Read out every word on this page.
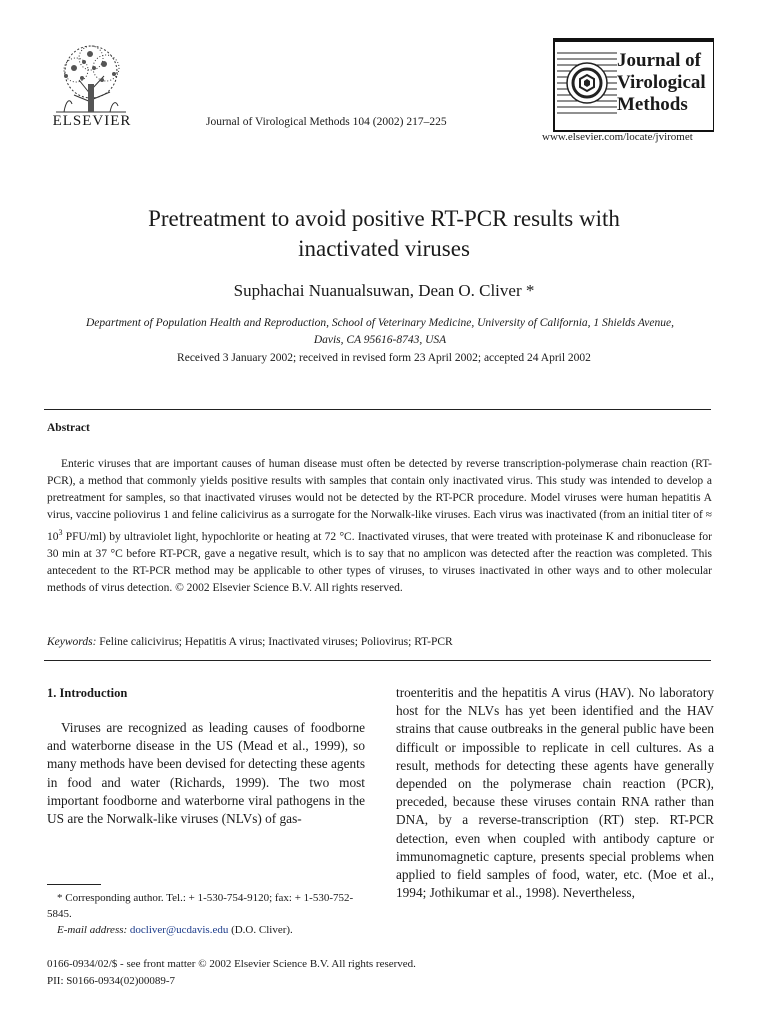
ELSEVIER	Journal of Virological Methods 104 (2002) 217–225
Journal of
Virological
Methods
www.elsevier.com/locate/jviromet
Pretreatment to avoid positive RT-PCR results with
inactivated viruses
Suphachai Nuanualsuwan, Dean O. Cliver *
Department of Population Health and Reproduction, School of Veterinary Medicine, University of California, 1 Shields Avenue,
Davis, CA 95616-8743, USA
Received 3 January 2002; received in revised form 23 April 2002; accepted 24 April 2002
Abstract

Enteric viruses that are important causes of human disease must often be detected by reverse transcription-polymerase chain reaction (RT-PCR), a method that commonly yields positive results with samples that contain only inactivated virus. This study was intended to develop a pretreatment for samples, so that inactivated viruses would not be detected by the RT-PCR procedure. Model viruses were human hepatitis A virus, vaccine poliovirus 1 and feline calicivirus as a surrogate for the Norwalk-like viruses. Each virus was inactivated (from an initial titer of ≈ $10^3$ PFU/ml) by ultraviolet light, hypochlorite or heating at 72 °C. Inactivated viruses, that were treated with proteinase K and ribonuclease for 30 min at 37 °C before RT-PCR, gave a negative result, which is to say that no amplicon was detected after the reaction was completed. This antecedent to the RT-PCR method may be applicable to other types of viruses, to viruses inactivated in other ways and to other molecular methods of virus detection. © 2002 Elsevier Science B.V. All rights reserved.

Keywords: Feline calicivirus; Hepatitis A virus; Inactivated viruses; Poliovirus; RT-PCR
1. Introduction

Viruses are recognized as leading causes of foodborne and waterborne disease in the US (Mead et al., 1999), so many methods have been devised for detecting these agents in food and water (Richards, 1999). The two most important foodborne and waterborne viral pathogens in the US are the Norwalk-like viruses (NLVs) of gas-

troenteritis and the hepatitis A virus (HAV). No laboratory host for the NLVs has yet been identified and the HAV strains that cause outbreaks in the general public have been difficult or impossible to replicate in cell cultures. As a result, methods for detecting these agents have generally depended on the polymerase chain reaction (PCR), preceded, because these viruses contain RNA rather than DNA, by a reverse-transcription (RT) step. RT-PCR detection, even when coupled with antibody capture or immunomagnetic capture, presents special problems when applied to field samples of food, water, etc. (Moe et al., 1994; Jothikumar et al., 1998). Nevertheless,

* Corresponding author. Tel.: + 1-530-754-9120; fax: + 1-530-752-5845.
E-mail address: docliver@ucdavis.edu (D.O. Cliver).
0166-0934/02/$ - see front matter © 2002 Elsevier Science B.V. All rights reserved.
PII: S0166-0934(02)00089-7
